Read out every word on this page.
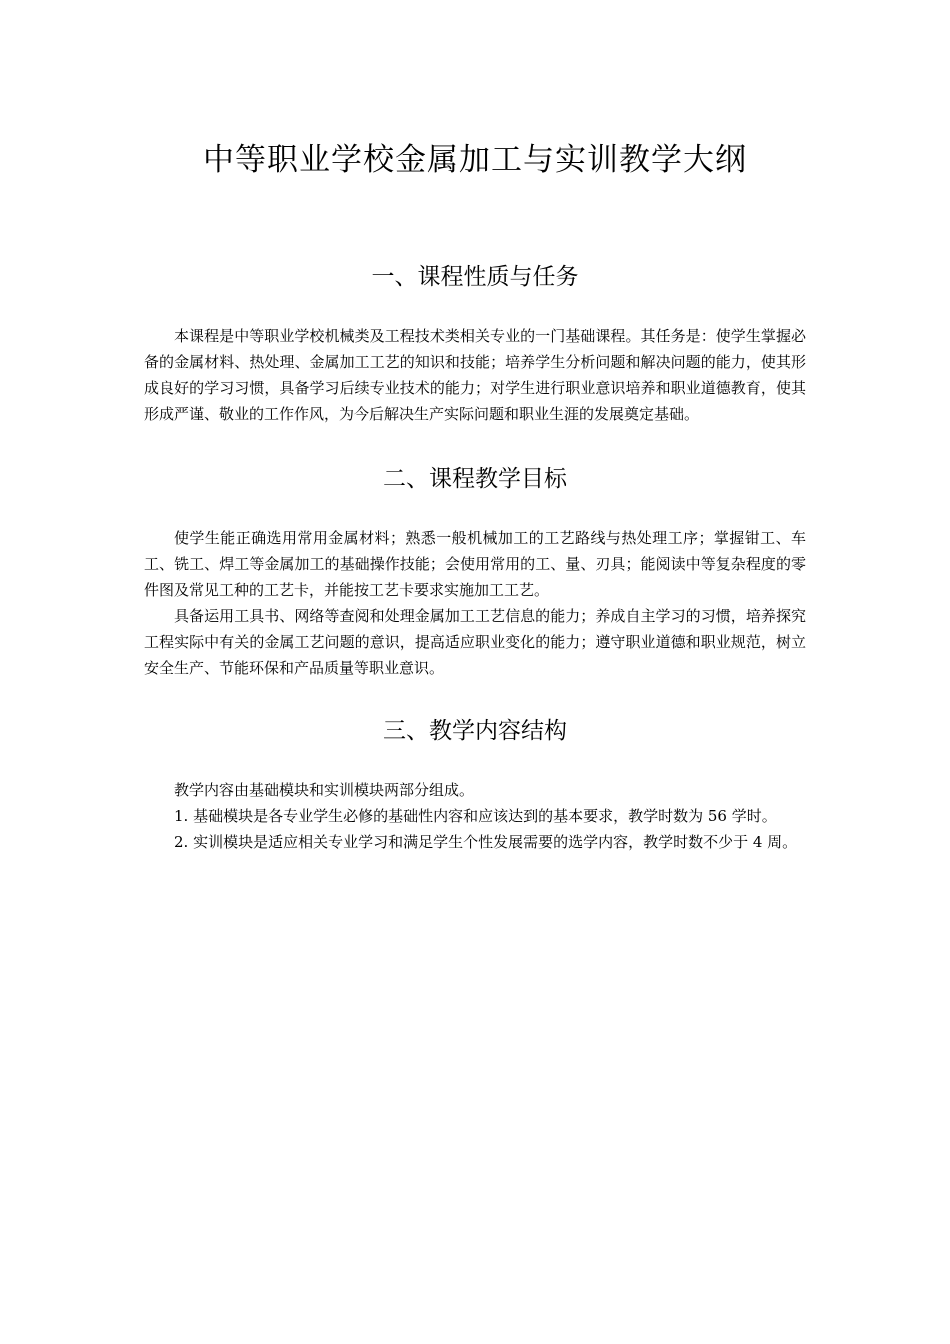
中等职业学校金属加工与实训教学大纲
一、课程性质与任务

本课程是中等职业学校机械类及工程技术类相关专业的一门基础课程。其任务是：使学生掌握必备的金属材料、热处理、金属加工工艺的知识和技能；培养学生分析问题和解决问题的能力，使其形成良好的学习习惯，具备学习后续专业技术的能力；对学生进行职业意识培养和职业道德教育，使其形成严谨、敬业的工作作风，为今后解决生产实际问题和职业生涯的发展奠定基础。

二、课程教学目标

使学生能正确选用常用金属材料；熟悉一般机械加工的工艺路线与热处理工序；掌握钳工、车工、铣工、焊工等金属加工的基础操作技能；会使用常用的工、量、刃具；能阅读中等复杂程度的零件图及常见工种的工艺卡，并能按工艺卡要求实施加工工艺。

具备运用工具书、网络等查阅和处理金属加工工艺信息的能力；养成自主学习的习惯，培养探究工程实际中有关的金属工艺问题的意识，提高适应职业变化的能力；遵守职业道德和职业规范，树立安全生产、节能环保和产品质量等职业意识。

三、教学内容结构

教学内容由基础模块和实训模块两部分组成。

1. 基础模块是各专业学生必修的基础性内容和应该达到的基本要求，教学时数为 56 学时。

2. 实训模块是适应相关专业学习和满足学生个性发展需要的选学内容，教学时数不少于 4 周。
